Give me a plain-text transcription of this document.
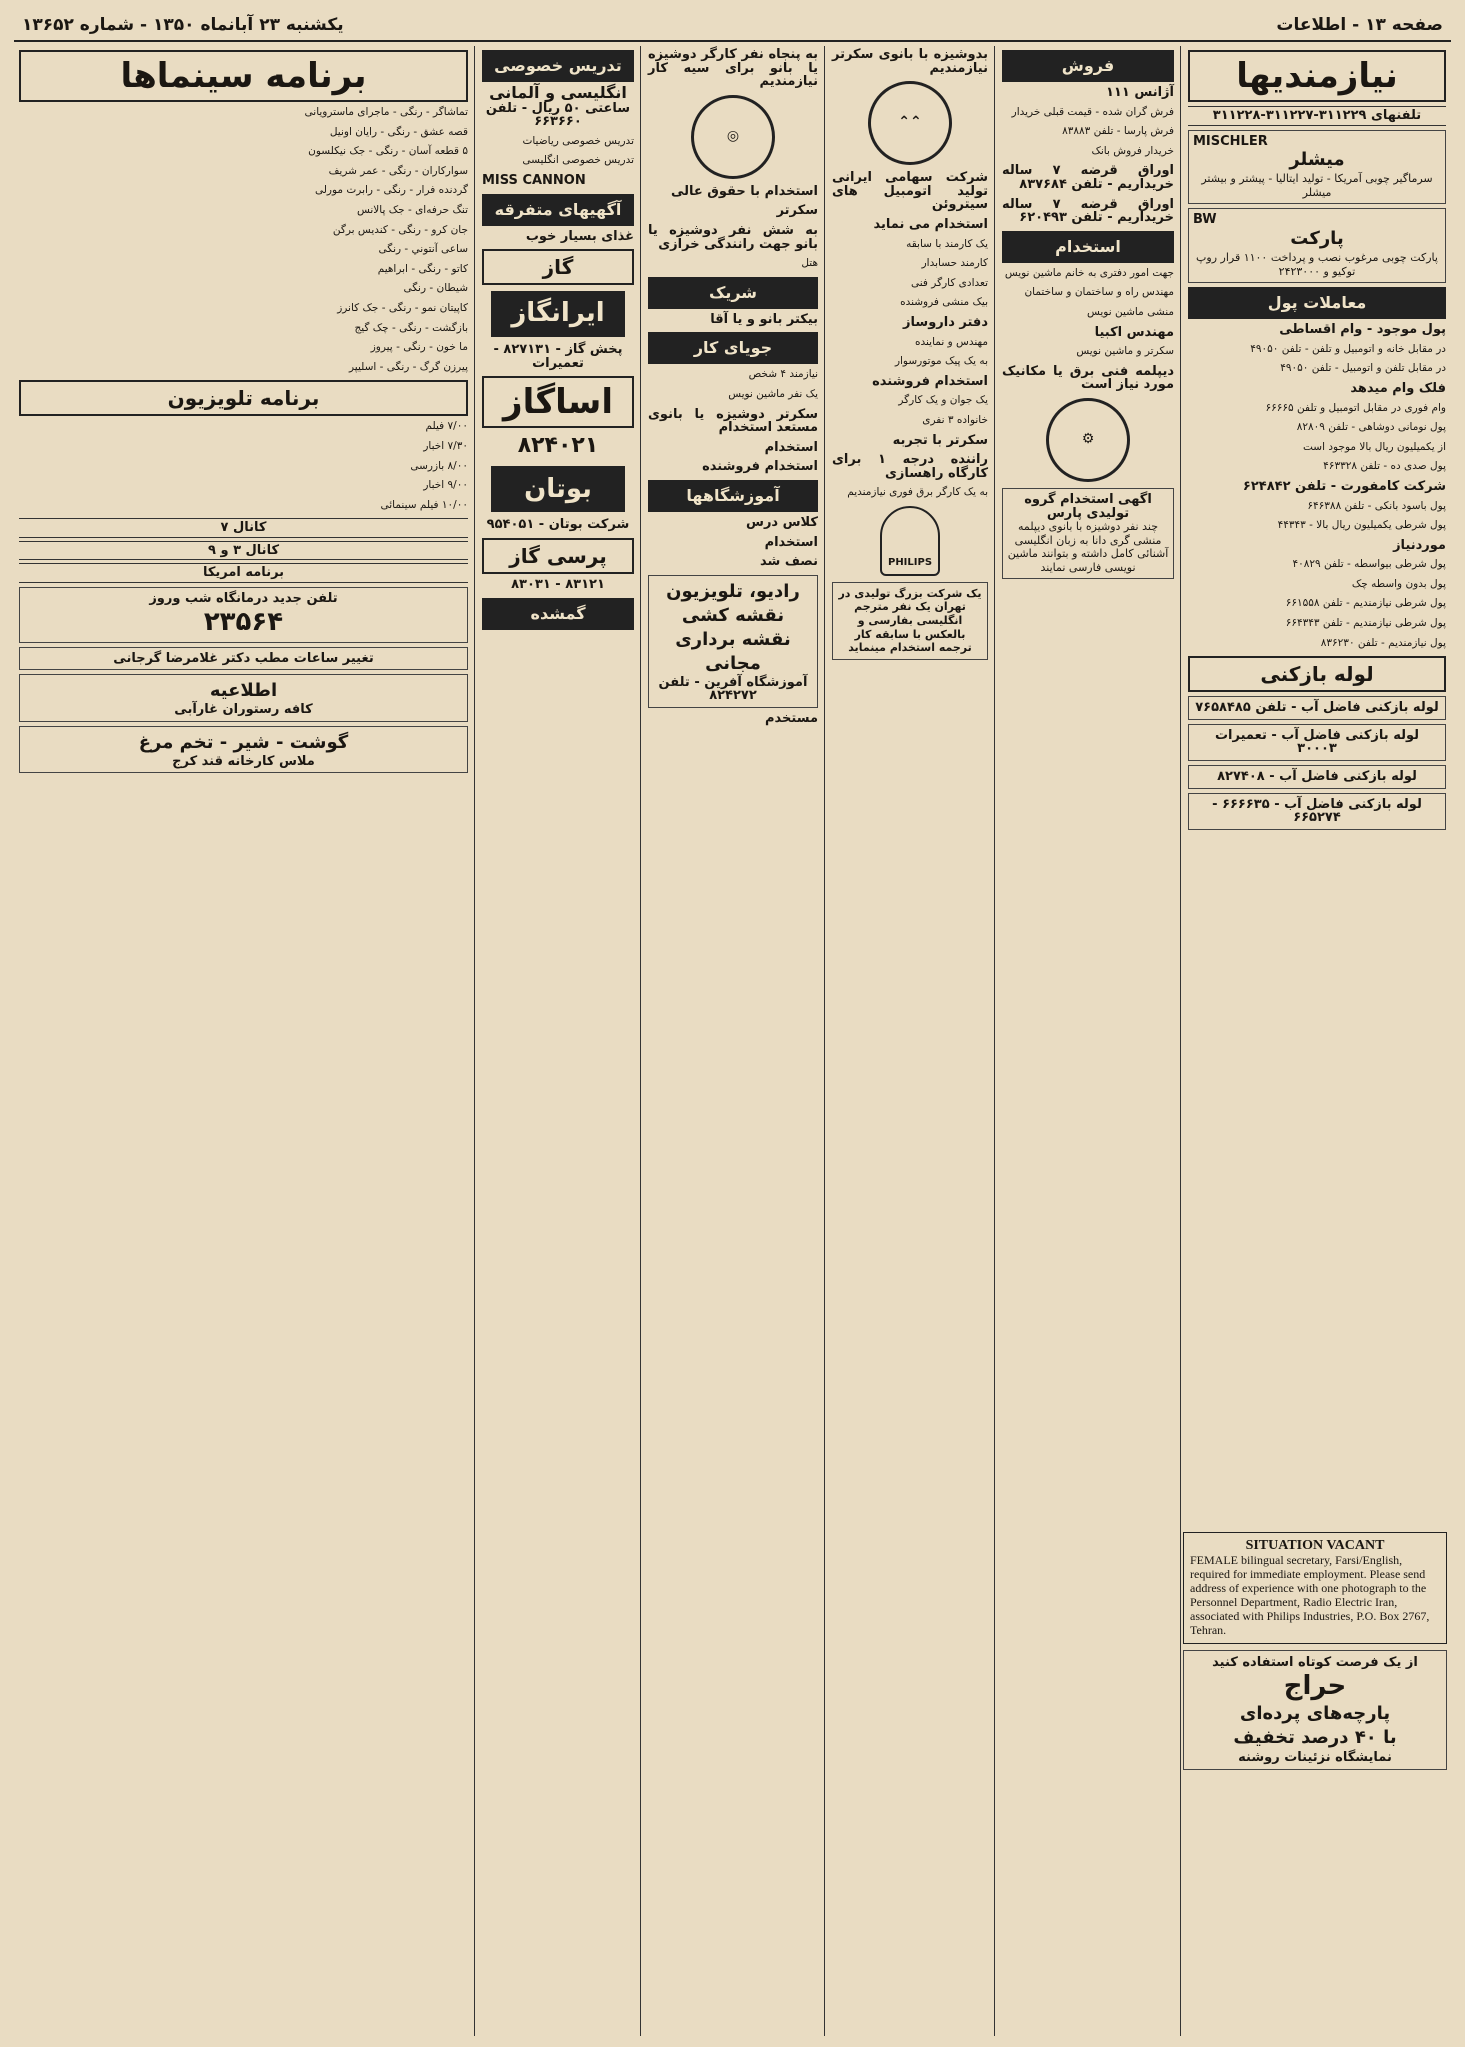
یکشنبه ۲۳ آبانماه ۱۳۵۰ - شماره ۱۳۶۵۲	صفحه ۱۳ - اطلاعات
نیازمندیها
تلفنهای ۳۱۱۲۲۹-۳۱۱۲۲۷-۳۱۱۲۲۸
MISCHLER
میشلر
سرماگیر چوبی آمریکا - تولید ایتالیا - پیشتر و بیشتر میشلر
BW
پارکت
پارکت چوبی مرغوب نصب و پرداخت ۱۱۰۰ قرار روپ توکیو و ۲۴۲۳۰۰۰
معاملات پول
پول موجود - وام اقساطی
در مقابل خانه و اتومبیل و تلفن - تلفن ۴۹۰۵۰
در مقابل تلفن و اتومبیل - تلفن ۴۹۰۵۰
فلک وام میدهد
وام فوری در مقابل اتومبیل و تلفن ۶۶۶۶۵
پول نومانی دوشاهی - تلفن ۸۲۸۰۹
از یکمیلیون ریال بالا موجود است
پول صدی ده - تلفن ۴۶۳۳۲۸
شرکت کامفورت - تلفن ۶۲۴۸۴۲
پول باسود بانکی - تلفن ۶۴۶۳۸۸
پول شرطی یکمیلیون ریال بالا - ۴۴۳۴۳
موردنیاز
پول شرطی بیواسطه - تلفن ۴۰۸۲۹
پول بدون واسطه چک
پول شرطی نیازمندیم - تلفن ۶۶۱۵۵۸
پول شرطی نیازمندیم - تلفن ۶۶۴۳۴۳
پول نیازمندیم - تلفن ۸۳۶۲۳۰
لوله بازکنی
لوله بازکنی فاضل آب - تلفن ۷۶۵۸۴۸۵
لوله بازکنی فاضل آب - تعمیرات ۳۰۰۰۳
لوله بازکنی فاضل آب - ۸۲۷۴۰۸
لوله بازکنی فاضل آب - ۶۶۶۶۳۵ - ۶۶۵۲۷۴
فروش
آژانس ۱۱۱
فرش گران شده - قیمت قبلی خریدار
فرش پارسا - تلفن ۸۳۸۸۳
خریدار فروش بانک
اوراق قرضه ۷ ساله خریداریم - تلفن ۸۳۷۶۸۴
اوراق قرضه ۷ ساله خریداریم - تلفن ۶۲۰۴۹۳
استخدام
جهت امور دفتری به خانم ماشین نویس
مهندس راه و ساختمان و ساختمان
منشی ماشین نویس
مهندس اکبیا
سکرتر و ماشین نویس
دیپلمه فنی برق یا مکانیک مورد نیاز است
⚙
اگهی استخدام گروه تولیدی پارس
چند نفر دوشیزه با بانوی دیپلمه منشی گری دانا به زبان انگلیسی آشنائی کامل داشته و بتوانند ماشین نویسی فارسی نمایند
بدوشیزه با بانوی سکرتر نیازمندیم
⌃⌃
شرکت سهامی ایرانی تولید اتومبیل های سیتروئن
استخدام می نماید
یک کارمند با سابقه
کارمند حسابدار
تعدادی کارگر فنی
بیک منشی فروشنده
دفتر داروساز
مهندس و نماینده
به یک پیک موتورسوار
استخدام فروشنده
یک جوان و یک کارگر
خانواده ۳ نفری
سکرتر با تجربه
راننده درجه ۱ برای کارگاه راهسازی
به یک کارگر برق فوری نیازمندیم
PHILIPS
یک شرکت بزرگ تولیدی در تهران یک نفر مترجم انگلیسی بفارسی و بالعکس با سابقه کار ترجمه استخدام مینماید
به پنجاه نفر کارگر دوشیزه یا بانو برای سیه کار نیازمندیم
◎
استخدام با حقوق عالی
سکرتر
به شش نفر دوشیزه یا بانو جهت رانندگی خرازی
هتل
شریک
بیکتر بانو و یا آقا
جویای کار
نیازمند ۴ شخص
یک نفر ماشین نویس
سکرتر دوشیزه یا بانوی مستعد استخدام
استخدام
استخدام فروشنده
آموزشگاهها
کلاس درس
استخدام
نصف شد
رادیو، تلویزیون
نقشه کشی
نقشه برداری
مجانی
آموزشگاه آفرین - تلفن ۸۲۴۲۷۲
مستخدم
تدریس خصوصی
انگلیسی و آلمانی
ساعتی ۵۰ ریال - تلفن ۶۶۳۶۶۰
تدریس خصوصی ریاضیات
تدریس خصوصی انگلیسی
MISS CANNON
آگهیهای متفرقه
غذای بسیار خوب
گاز
ایرانگاز
پخش گاز - ۸۲۷۱۳۱ - تعمیرات
اساگاز
۸۲۴۰۲۱
بوتان
شرکت بوتان - ۹۵۴۰۵۱
پرسی گاز
۸۳۱۲۱ - ۸۳۰۳۱
گمشده
برنامه سینماها
تماشاگر - رنگی - ماجرای ماسترویانی
قصه عشق - رنگی - رایان اونیل
۵ قطعه آسان - رنگی - جک نیکلسون
سوارکاران - رنگی - عمر شریف
گردنده فرار - رنگی - رابرت مورلی
تنگ حرفه‌ای - جک پالانس
جان کرو - رنگی - کنديس برگن
ساعی آنتوني - رنگی
کاتو - رنگی - ابراهیم
شیطان - رنگی
کاپیتان نمو - رنگی - جک کانرز
بازگشت - رنگی - چک گیج
ما خون - رنگی - پیروز
پیرزن گرگ - رنگی - اسلیپر
برنامه تلویزیون
۷/۰۰ فیلم
۷/۳۰ اخبار
۸/۰۰ بازرسی
۹/۰۰ اخبار
۱۰/۰۰ فیلم سینمائی
کانال ۷
کانال ۳ و ۹
برنامه امریکا
تلفن جدید درمانگاه شب وروز
۲۳۵۶۴
تغییر ساعات مطب دکتر غلامرضا گرجانی
اطلاعیه
کافه رستوران غارآبی
گوشت - شیر - تخم مرغ
ملاس کارخانه قند کرج
SITUATION VACANT
FEMALE bilingual secretary, Farsi/English, required for immediate employment. Please send address of experience with one photograph to the Personnel Department, Radio Electric Iran, associated with Philips Industries, P.O. Box 2767, Tehran.
از یک فرصت کوتاه استفاده کنید
حراج
پارچه‌های پرده‌ای
با ۴۰ درصد تخفیف
نمایشگاه نزئینات روشنه
